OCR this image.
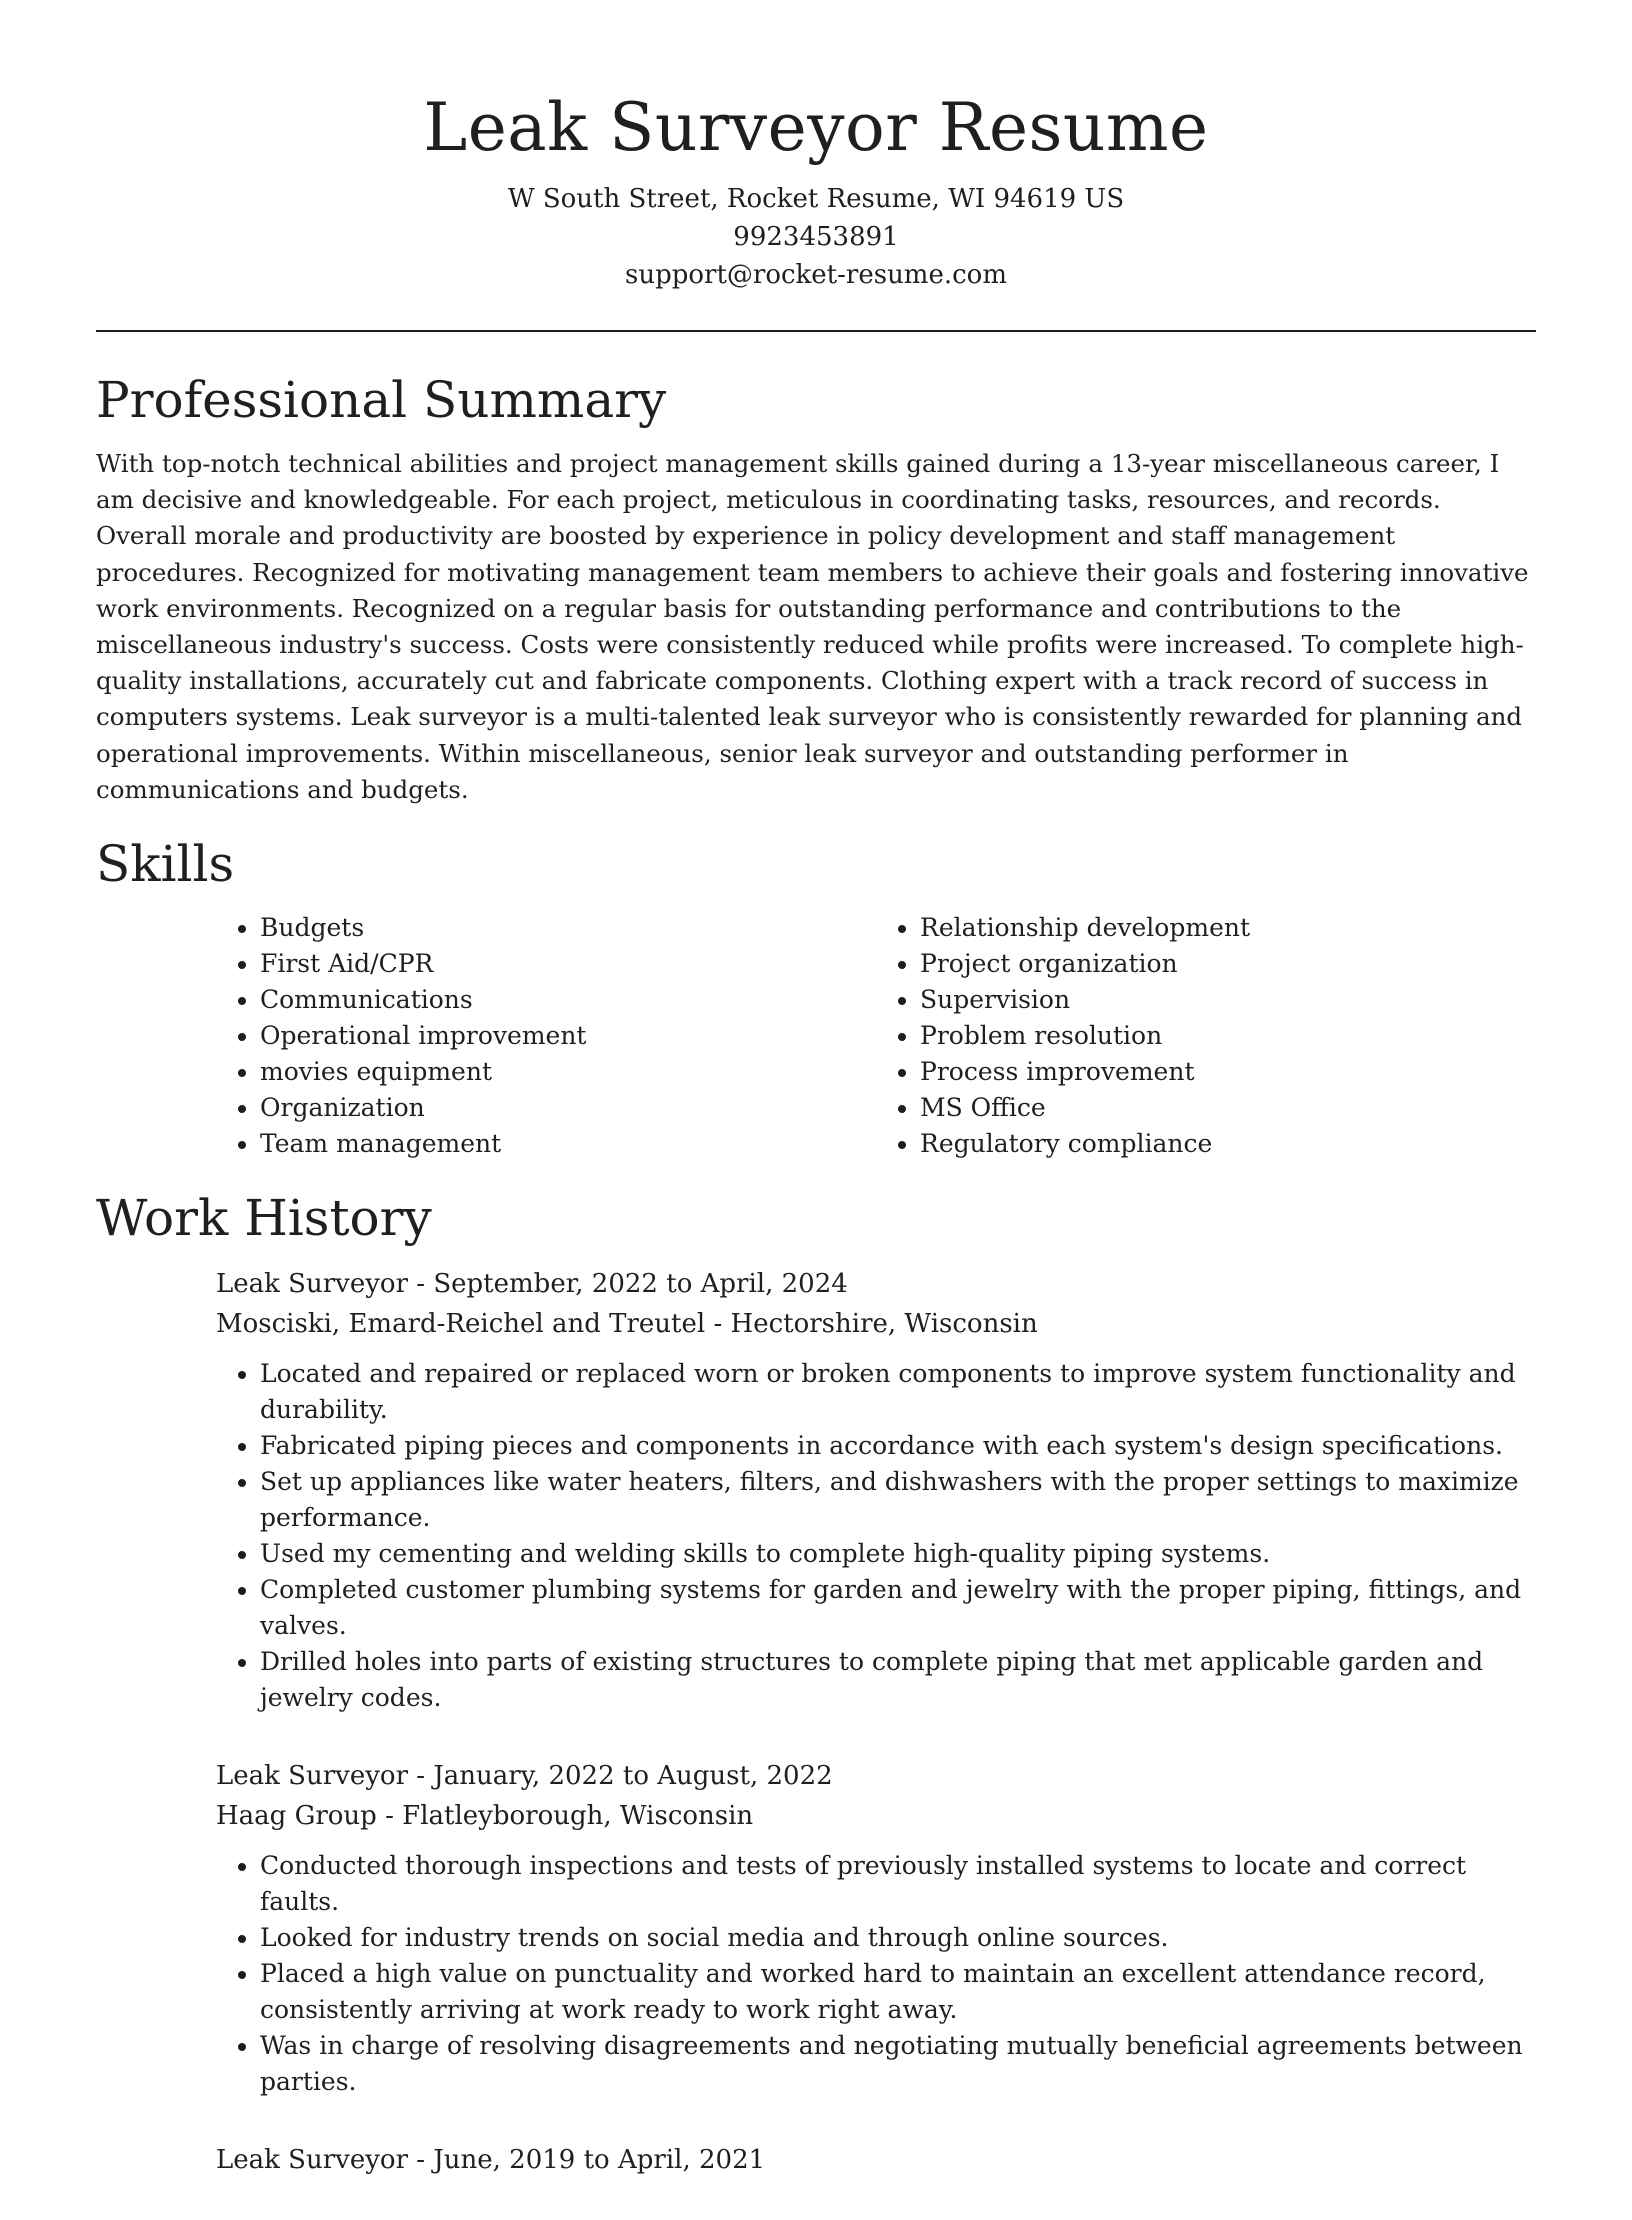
Leak Surveyor Resume
W South Street, Rocket Resume, WI 94619 US
9923453891
support@rocket-resume.com
Professional Summary

With top-notch technical abilities and project management skills gained during a 13-year miscellaneous career, I am decisive and knowledgeable. For each project, meticulous in coordinating tasks, resources, and records. Overall morale and productivity are boosted by experience in policy development and staff management procedures. Recognized for motivating management team members to achieve their goals and fostering innovative work environments. Recognized on a regular basis for outstanding performance and contributions to the miscellaneous industry's success. Costs were consistently reduced while profits were increased. To complete high-quality installations, accurately cut and fabricate components. Clothing expert with a track record of success in computers systems. Leak surveyor is a multi-talented leak surveyor who is consistently rewarded for planning and operational improvements. Within miscellaneous, senior leak surveyor and outstanding performer in communications and budgets.

Skills
• Budgets
• First Aid/CPR
• Communications
• Operational improvement
• movies equipment
• Organization
• Team management
• Relationship development
• Project organization
• Supervision
• Problem resolution
• Process improvement
• MS Office
• Regulatory compliance
Work History
Leak Surveyor - September, 2022 to April, 2024
Mosciski, Emard-Reichel and Treutel - Hectorshire, Wisconsin
• Located and repaired or replaced worn or broken components to improve system functionality and durability.
• Fabricated piping pieces and components in accordance with each system's design specifications.
• Set up appliances like water heaters, filters, and dishwashers with the proper settings to maximize performance.
• Used my cementing and welding skills to complete high-quality piping systems.
• Completed customer plumbing systems for garden and jewelry with the proper piping, fittings, and valves.
• Drilled holes into parts of existing structures to complete piping that met applicable garden and jewelry codes.
Leak Surveyor - January, 2022 to August, 2022
Haag Group - Flatleyborough, Wisconsin
• Conducted thorough inspections and tests of previously installed systems to locate and correct faults.
• Looked for industry trends on social media and through online sources.
• Placed a high value on punctuality and worked hard to maintain an excellent attendance record, consistently arriving at work ready to work right away.
• Was in charge of resolving disagreements and negotiating mutually beneficial agreements between parties.
Leak Surveyor - June, 2019 to April, 2021
